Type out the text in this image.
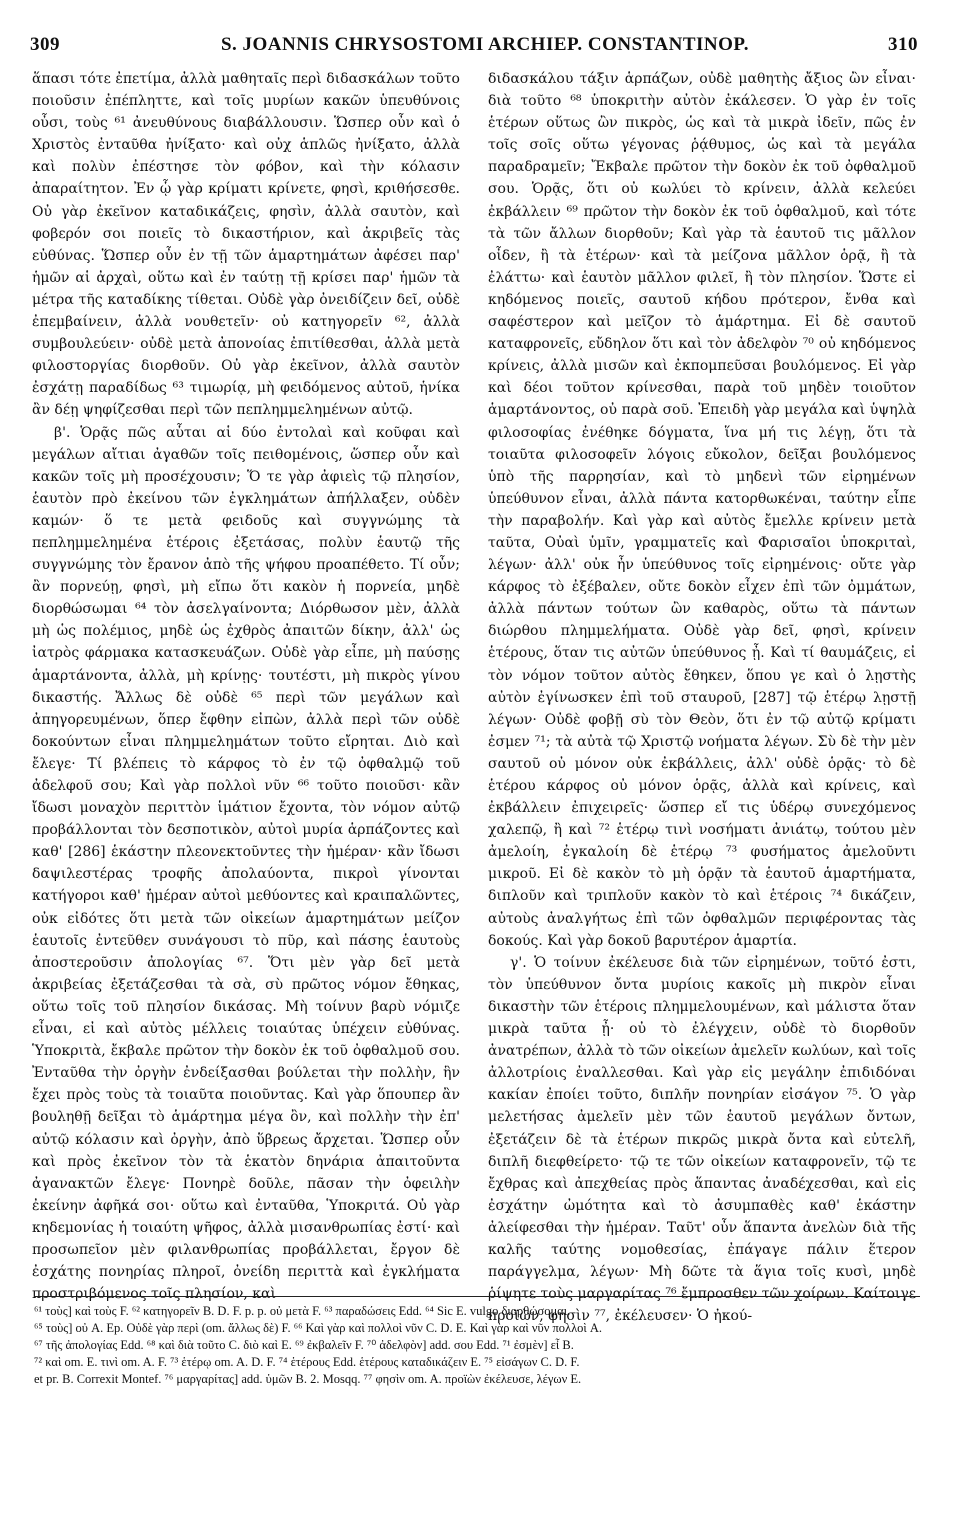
309	S. JOANNIS CHRYSOSTOMI ARCHIEP. CONSTANTINOP.	310

ἅπασι τότε ἐπετίμα, ἀλλὰ μαθηταῖς περὶ διδασκάλων τοῦτο ποιοῦσιν ἐπέπληττε, καὶ τοῖς μυρίων κακῶν ὑπευθύνοις οὖσι, τοὺς ⁶¹ ἀνευθύνους διαβάλλουσιν. Ὥσπερ οὖν καὶ ὁ Χριστὸς ἐνταῦθα ἠνίξατο· καὶ οὐχ ἁπλῶς ἠνίξατο, ἀλλὰ καὶ πολὺν ἐπέστησε τὸν φόβον, καὶ τὴν κόλασιν ἀπαραίτητον. Ἐν ᾧ γὰρ κρίματι κρίνετε, φησὶ, κριθήσεσθε. Οὐ γὰρ ἐκεῖνον καταδικάζεις, φησὶν, ἀλλὰ σαυτὸν, καὶ φοβερόν σοι ποιεῖς τὸ δικαστήριον, καὶ ἀκριβεῖς τὰς εὐθύνας. Ὥσπερ οὖν ἐν τῇ τῶν ἁμαρτημάτων ἀφέσει παρ' ἡμῶν αἱ ἀρχαὶ, οὕτω καὶ ἐν ταύτῃ τῇ κρίσει παρ' ἡμῶν τὰ μέτρα τῆς καταδίκης τίθεται. Οὐδὲ γὰρ ὀνειδίζειν δεῖ, οὐδὲ ἐπεμβαίνειν, ἀλλὰ νουθετεῖν· οὐ κατηγορεῖν ⁶², ἀλλὰ συμβουλεύειν· οὐδὲ μετὰ ἀπονοίας ἐπιτίθεσθαι, ἀλλὰ μετὰ φιλοστοργίας διορθοῦν. Οὐ γὰρ ἐκεῖνον, ἀλλὰ σαυτὸν ἐσχάτῃ παραδίδως ⁶³ τιμωρίᾳ, μὴ φειδόμενος αὐτοῦ, ἡνίκα ἂν δέῃ ψηφίζεσθαι περὶ τῶν πεπλημμελημένων αὐτῷ.

β'. Ὁρᾷς πῶς αὗται αἱ δύο ἐντολαὶ καὶ κοῦφαι καὶ μεγάλων αἴτιαι ἀγαθῶν τοῖς πειθομένοις, ὥσπερ οὖν καὶ κακῶν τοῖς μὴ προσέχουσιν; Ὅ τε γὰρ ἀφιεὶς τῷ πλησίον, ἑαυτὸν πρὸ ἐκείνου τῶν ἐγκλημάτων ἀπήλλαξεν, οὐδὲν καμών· ὅ τε μετὰ φειδοῦς καὶ συγγνώμης τὰ πεπλημμελημένα ἑτέροις ἐξετάσας, πολὺν ἑαυτῷ τῆς συγγνώμης τὸν ἔρανον ἀπὸ τῆς ψήφου προαπέθετο. Τί οὖν; ἂν πορνεύῃ, φησὶ, μὴ εἴπω ὅτι κακὸν ἡ πορνεία, μηδὲ διορθώσωμαι ⁶⁴ τὸν ἀσελγαίνοντα; Διόρθωσον μὲν, ἀλλὰ μὴ ὡς πολέμιος, μηδὲ ὡς ἐχθρὸς ἀπαιτῶν δίκην, ἀλλ' ὡς ἰατρὸς φάρμακα κατασκευάζων. Οὐδὲ γὰρ εἶπε, μὴ παύσῃς ἁμαρτάνοντα, ἀλλὰ, μὴ κρίνῃς· τουτέστι, μὴ πικρὸς γίνου δικαστής. Ἄλλως δὲ οὐδὲ ⁶⁵ περὶ τῶν μεγάλων καὶ ἀπηγορευμένων, ὅπερ ἔφθην εἰπὼν, ἀλλὰ περὶ τῶν οὐδὲ δοκούντων εἶναι πλημμελημάτων τοῦτο εἴρηται. Διὸ καὶ ἔλεγε· Τί βλέπεις τὸ κάρφος τὸ ἐν τῷ ὀφθαλμῷ τοῦ ἀδελφοῦ σου; Καὶ γὰρ πολλοὶ νῦν ⁶⁶ τοῦτο ποιοῦσι· κἂν ἴδωσι μοναχὸν περιττὸν ἱμάτιον ἔχοντα, τὸν νόμον αὐτῷ προβάλλονται τὸν δεσποτικὸν, αὐτοὶ μυρία ἁρπάζοντες καὶ καθ' [286] ἑκάστην πλεονεκτοῦντες τὴν ἡμέραν· κἂν ἴδωσι δαψιλεστέρας τροφῆς ἀπολαύοντα, πικροὶ γίνονται κατήγοροι καθ' ἡμέραν αὐτοὶ μεθύοντες καὶ κραιπαλῶντες, οὐκ εἰδότες ὅτι μετὰ τῶν οἰκείων ἁμαρτημάτων μείζον ἑαυτοῖς ἐντεῦθεν συνάγουσι τὸ πῦρ, καὶ πάσης ἑαυτοὺς ἀποστεροῦσιν ἀπολογίας ⁶⁷. Ὅτι μὲν γὰρ δεῖ μετὰ ἀκριβείας ἐξετάζεσθαι τὰ σὰ, σὺ πρῶτος νόμον ἔθηκας, οὕτω τοῖς τοῦ πλησίον δικάσας. Μὴ τοίνυν βαρὺ νόμιζε εἶναι, εἰ καὶ αὐτὸς μέλλεις τοιαύτας ὑπέχειν εὐθύνας. Ὑποκριτὰ, ἔκβαλε πρῶτον τὴν δοκὸν ἐκ τοῦ ὀφθαλμοῦ σου. Ἐνταῦθα τὴν ὀργὴν ἐνδείξασθαι βούλεται τὴν πολλὴν, ἣν ἔχει πρὸς τοὺς τὰ τοιαῦτα ποιοῦντας. Καὶ γὰρ ὅπουπερ ἂν βουληθῇ δεῖξαι τὸ ἁμάρτημα μέγα ὂν, καὶ πολλὴν τὴν ἐπ' αὐτῷ κόλασιν καὶ ὀργὴν, ἀπὸ ὕβρεως ἄρχεται. Ὥσπερ οὖν καὶ πρὸς ἐκεῖνον τὸν τὰ ἑκατὸν δηνάρια ἀπαιτοῦντα ἀγανακτῶν ἔλεγε· Πονηρὲ δοῦλε, πᾶσαν τὴν ὀφειλὴν ἐκείνην ἀφῆκά σοι· οὕτω καὶ ἐνταῦθα, Ὑποκριτά. Οὐ γὰρ κηδεμονίας ἡ τοιαύτη ψῆφος, ἀλλὰ μισανθρωπίας ἐστί· καὶ προσωπεῖον μὲν φιλανθρωπίας προβάλλεται, ἔργον δὲ ἐσχάτης πονηρίας πληροῖ, ὀνείδη περιττὰ καὶ ἐγκλήματα προστριβόμενος τοῖς πλησίον, καὶ

διδασκάλου τάξιν ἁρπάζων, οὐδὲ μαθητὴς ἄξιος ὢν εἶναι· διὰ τοῦτο ⁶⁸ ὑποκριτὴν αὐτὸν ἐκάλεσεν. Ὁ γὰρ ἐν τοῖς ἑτέρων οὕτως ὢν πικρὸς, ὡς καὶ τὰ μικρὰ ἰδεῖν, πῶς ἐν τοῖς σοῖς οὕτω γέγονας ῥᾴθυμος, ὡς καὶ τὰ μεγάλα παραδραμεῖν; Ἔκβαλε πρῶτον τὴν δοκὸν ἐκ τοῦ ὀφθαλμοῦ σου. Ὁρᾷς, ὅτι οὐ κωλύει τὸ κρίνειν, ἀλλὰ κελεύει ἐκβάλλειν ⁶⁹ πρῶτον τὴν δοκὸν ἐκ τοῦ ὀφθαλμοῦ, καὶ τότε τὰ τῶν ἄλλων διορθοῦν; Καὶ γὰρ τὰ ἑαυτοῦ τις μᾶλλον οἶδεν, ἢ τὰ ἑτέρων· καὶ τὰ μείζονα μᾶλλον ὁρᾷ, ἢ τὰ ἐλάττω· καὶ ἑαυτὸν μᾶλλον φιλεῖ, ἢ τὸν πλησίον. Ὥστε εἰ κηδόμενος ποιεῖς, σαυτοῦ κήδου πρότερον, ἔνθα καὶ σαφέστερον καὶ μεῖζον τὸ ἁμάρτημα. Εἰ δὲ σαυτοῦ καταφρονεῖς, εὔδηλον ὅτι καὶ τὸν ἀδελφὸν ⁷⁰ οὐ κηδόμενος κρίνεις, ἀλλὰ μισῶν καὶ ἐκπομπεῦσαι βουλόμενος. Εἰ γὰρ καὶ δέοι τοῦτον κρίνεσθαι, παρὰ τοῦ μηδὲν τοιοῦτον ἁμαρτάνοντος, οὐ παρὰ σοῦ. Ἐπειδὴ γὰρ μεγάλα καὶ ὑψηλὰ φιλοσοφίας ἐνέθηκε δόγματα, ἵνα μή τις λέγῃ, ὅτι τὰ τοιαῦτα φιλοσοφεῖν λόγοις εὔκολον, δεῖξαι βουλόμενος ὑπὸ τῆς παρρησίαν, καὶ τὸ μηδενὶ τῶν εἰρημένων ὑπεύθυνον εἶναι, ἀλλὰ πάντα κατορθωκέναι, ταύτην εἶπε τὴν παραβολήν. Καὶ γὰρ καὶ αὐτὸς ἔμελλε κρίνειν μετὰ ταῦτα, Οὐαὶ ὑμῖν, γραμματεῖς καὶ Φαρισαῖοι ὑποκριταὶ, λέγων· ἀλλ' οὐκ ἦν ὑπεύθυνος τοῖς εἰρημένοις· οὔτε γὰρ κάρφος τὸ ἐξέβαλεν, οὔτε δοκὸν εἶχεν ἐπὶ τῶν ὀμμάτων, ἀλλὰ πάντων τούτων ὢν καθαρὸς, οὕτω τὰ πάντων διώρθου πλημμελήματα. Οὐδὲ γὰρ δεῖ, φησὶ, κρίνειν ἑτέρους, ὅταν τις αὐτῶν ὑπεύθυνος ᾖ. Καὶ τί θαυμάζεις, εἰ τὸν νόμον τοῦτον αὐτὸς ἔθηκεν, ὅπου γε καὶ ὁ λῃστὴς αὐτὸν ἐγίνωσκεν ἐπὶ τοῦ σταυροῦ, [287] τῷ ἑτέρῳ λῃστῇ λέγων· Οὐδὲ φοβῇ σὺ τὸν Θεὸν, ὅτι ἐν τῷ αὐτῷ κρίματι ἐσμεν ⁷¹; τὰ αὐτὰ τῷ Χριστῷ νοήματα λέγων. Σὺ δὲ τὴν μὲν σαυτοῦ οὐ μόνον οὐκ ἐκβάλλεις, ἀλλ' οὐδὲ ὁρᾷς· τὸ δὲ ἑτέρου κάρφος οὐ μόνον ὁρᾷς, ἀλλὰ καὶ κρίνεις, καὶ ἐκβάλλειν ἐπιχειρεῖς· ὥσπερ εἴ τις ὑδέρῳ συνεχόμενος χαλεπῷ, ἢ καὶ ⁷² ἑτέρῳ τινὶ νοσήματι ἀνιάτῳ, τούτου μὲν ἀμελοίη, ἐγκαλοίη δὲ ἑτέρῳ ⁷³ φυσήματος ἀμελοῦντι μικροῦ. Εἰ δὲ κακὸν τὸ μὴ ὁρᾷν τὰ ἑαυτοῦ ἁμαρτήματα, διπλοῦν καὶ τριπλοῦν κακὸν τὸ καὶ ἑτέροις ⁷⁴ δικάζειν, αὐτοὺς ἀναλγήτως ἐπὶ τῶν ὀφθαλμῶν περιφέροντας τὰς δοκούς. Καὶ γὰρ δοκοῦ βαρυτέρον ἁμαρτία.

γ'. Ὁ τοίνυν ἐκέλευσε διὰ τῶν εἰρημένων, τοῦτό ἐστι, τὸν ὑπεύθυνον ὄντα μυρίοις κακοῖς μὴ πικρὸν εἶναι δικαστὴν τῶν ἑτέροις πλημμελουμένων, καὶ μάλιστα ὅταν μικρὰ ταῦτα ᾖ· οὐ τὸ ἐλέγχειν, οὐδὲ τὸ διορθοῦν ἀνατρέπων, ἀλλὰ τὸ τῶν οἰκείων ἀμελεῖν κωλύων, καὶ τοῖς ἀλλοτρίοις ἐναλλεσθαι. Καὶ γὰρ εἰς μεγάλην ἐπιδιδόναι κακίαν ἐποίει τοῦτο, διπλῆν πονηρίαν εἰσάγον ⁷⁵. Ὁ γὰρ μελετήσας ἀμελεῖν μὲν τῶν ἑαυτοῦ μεγάλων ὄντων, ἐξετάζειν δὲ τὰ ἑτέρων πικρῶς μικρὰ ὄντα καὶ εὐτελῆ, διπλῆ διεφθείρετο· τῷ τε τῶν οἰκείων καταφρονεῖν, τῷ τε ἔχθρας καὶ ἀπεχθείας πρὸς ἅπαντας ἀναδέχεσθαι, καὶ εἰς ἐσχάτην ὠμότητα καὶ τὸ ἀσυμπαθὲς καθ' ἑκάστην ἀλείφεσθαι τὴν ἡμέραν. Ταῦτ' οὖν ἅπαντα ἀνελὼν διὰ τῆς καλῆς ταύτης νομοθεσίας, ἐπάγαγε πάλιν ἕτερον παράγγελμα, λέγων· Μὴ δῶτε τὰ ἅγια τοῖς κυσὶ, μηδὲ ῥίψητε τοὺς μαργαρίτας ⁷⁶ ἔμπροσθεν τῶν χοίρων. Καίτοιγε προϊὼν, φησὶν ⁷⁷, ἐκέλευσεν· Ὁ ἠκού-

⁶¹ τοὺς] καὶ τοὺς F. ⁶² κατηγορεῖν B. D. F. p. p. οὐ μετὰ F. ⁶³ παραδώσεις Edd. ⁶⁴ Sic E. vulgo διορθώσομαι.
⁶⁵ τοὺς] οὐ A. Ep. Οὐδὲ γὰρ περὶ (om. ἄλλως δὲ) F. ⁶⁶ Καὶ γὰρ καὶ πολλοὶ νῦν C. D. E. Καὶ γὰρ καὶ νῦν πολλοὶ A.
⁶⁷ τῆς ἀπολογίας Edd. ⁶⁸ καὶ διὰ τοῦτο C. διὸ καὶ E. ⁶⁹ ἐκβαλεῖν F. ⁷⁰ ἀδελφὸν] add. σου Edd. ⁷¹ ἐσμὲν] εἶ B.
⁷² καὶ om. E. τινὶ om. A. F. ⁷³ ἑτέρῳ om. A. D. F. ⁷⁴ ἑτέρους Edd. ἑτέρους καταδικάζειν E. ⁷⁵ εἰσάγων C. D. F.
et pr. B. Correxit Montef. ⁷⁶ μαργαρίτας] add. ὑμῶν B. 2. Mosqq. ⁷⁷ φησὶν om. A. προϊὼν ἐκέλευσε, λέγων E.
